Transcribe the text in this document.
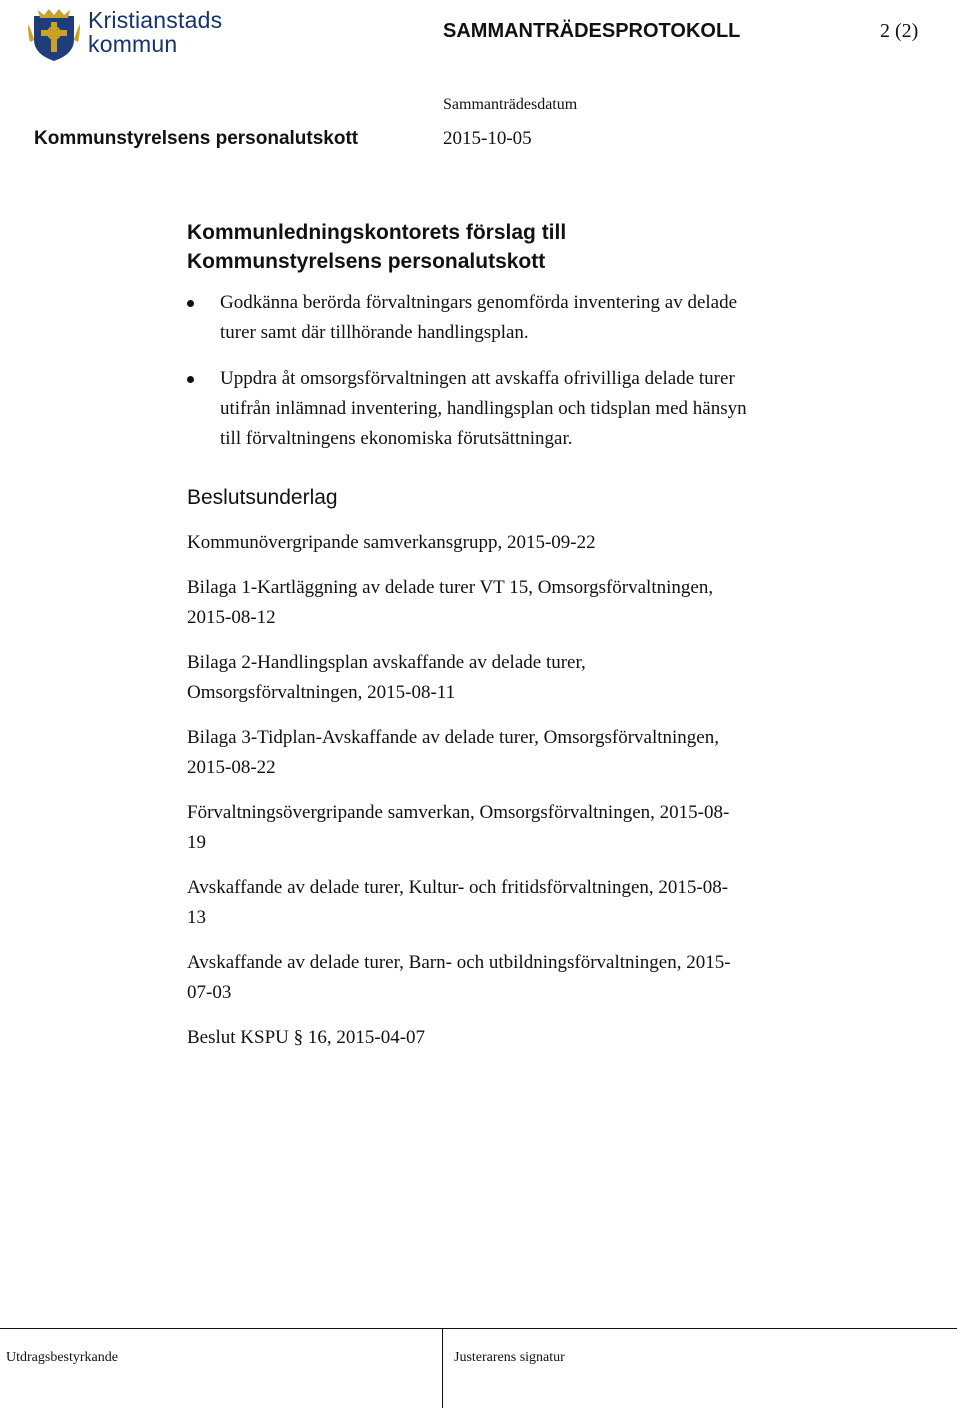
Kristianstads
kommun	SAMMANTRÄDESPROTOKOLL	2 (2)
Sammanträdesdatum
Kommunstyrelsens personalutskott	2015-10-05
Kommunledningskontorets förslag till
Kommunstyrelsens personalutskott
Godkänna berörda förvaltningars genomförda inventering av delade
turer samt där tillhörande handlingsplan.
Uppdra åt omsorgsförvaltningen att avskaffa ofrivilliga delade turer
utifrån inlämnad inventering, handlingsplan och tidsplan med hänsyn
till förvaltningens ekonomiska förutsättningar.
Beslutsunderlag
Kommunövergripande samverkansgrupp, 2015-09-22
Bilaga 1-Kartläggning av delade turer VT 15, Omsorgsförvaltningen,
2015-08-12
Bilaga 2-Handlingsplan avskaffande av delade turer,
Omsorgsförvaltningen, 2015-08-11
Bilaga 3-Tidplan-Avskaffande av delade turer, Omsorgsförvaltningen,
2015-08-22
Förvaltningsövergripande samverkan, Omsorgsförvaltningen, 2015-08-
19
Avskaffande av delade turer, Kultur- och fritidsförvaltningen, 2015-08-
13
Avskaffande av delade turer, Barn- och utbildningsförvaltningen, 2015-
07-03
Beslut KSPU § 16, 2015-04-07
Utdragsbestyrkande	Justerarens signatur
